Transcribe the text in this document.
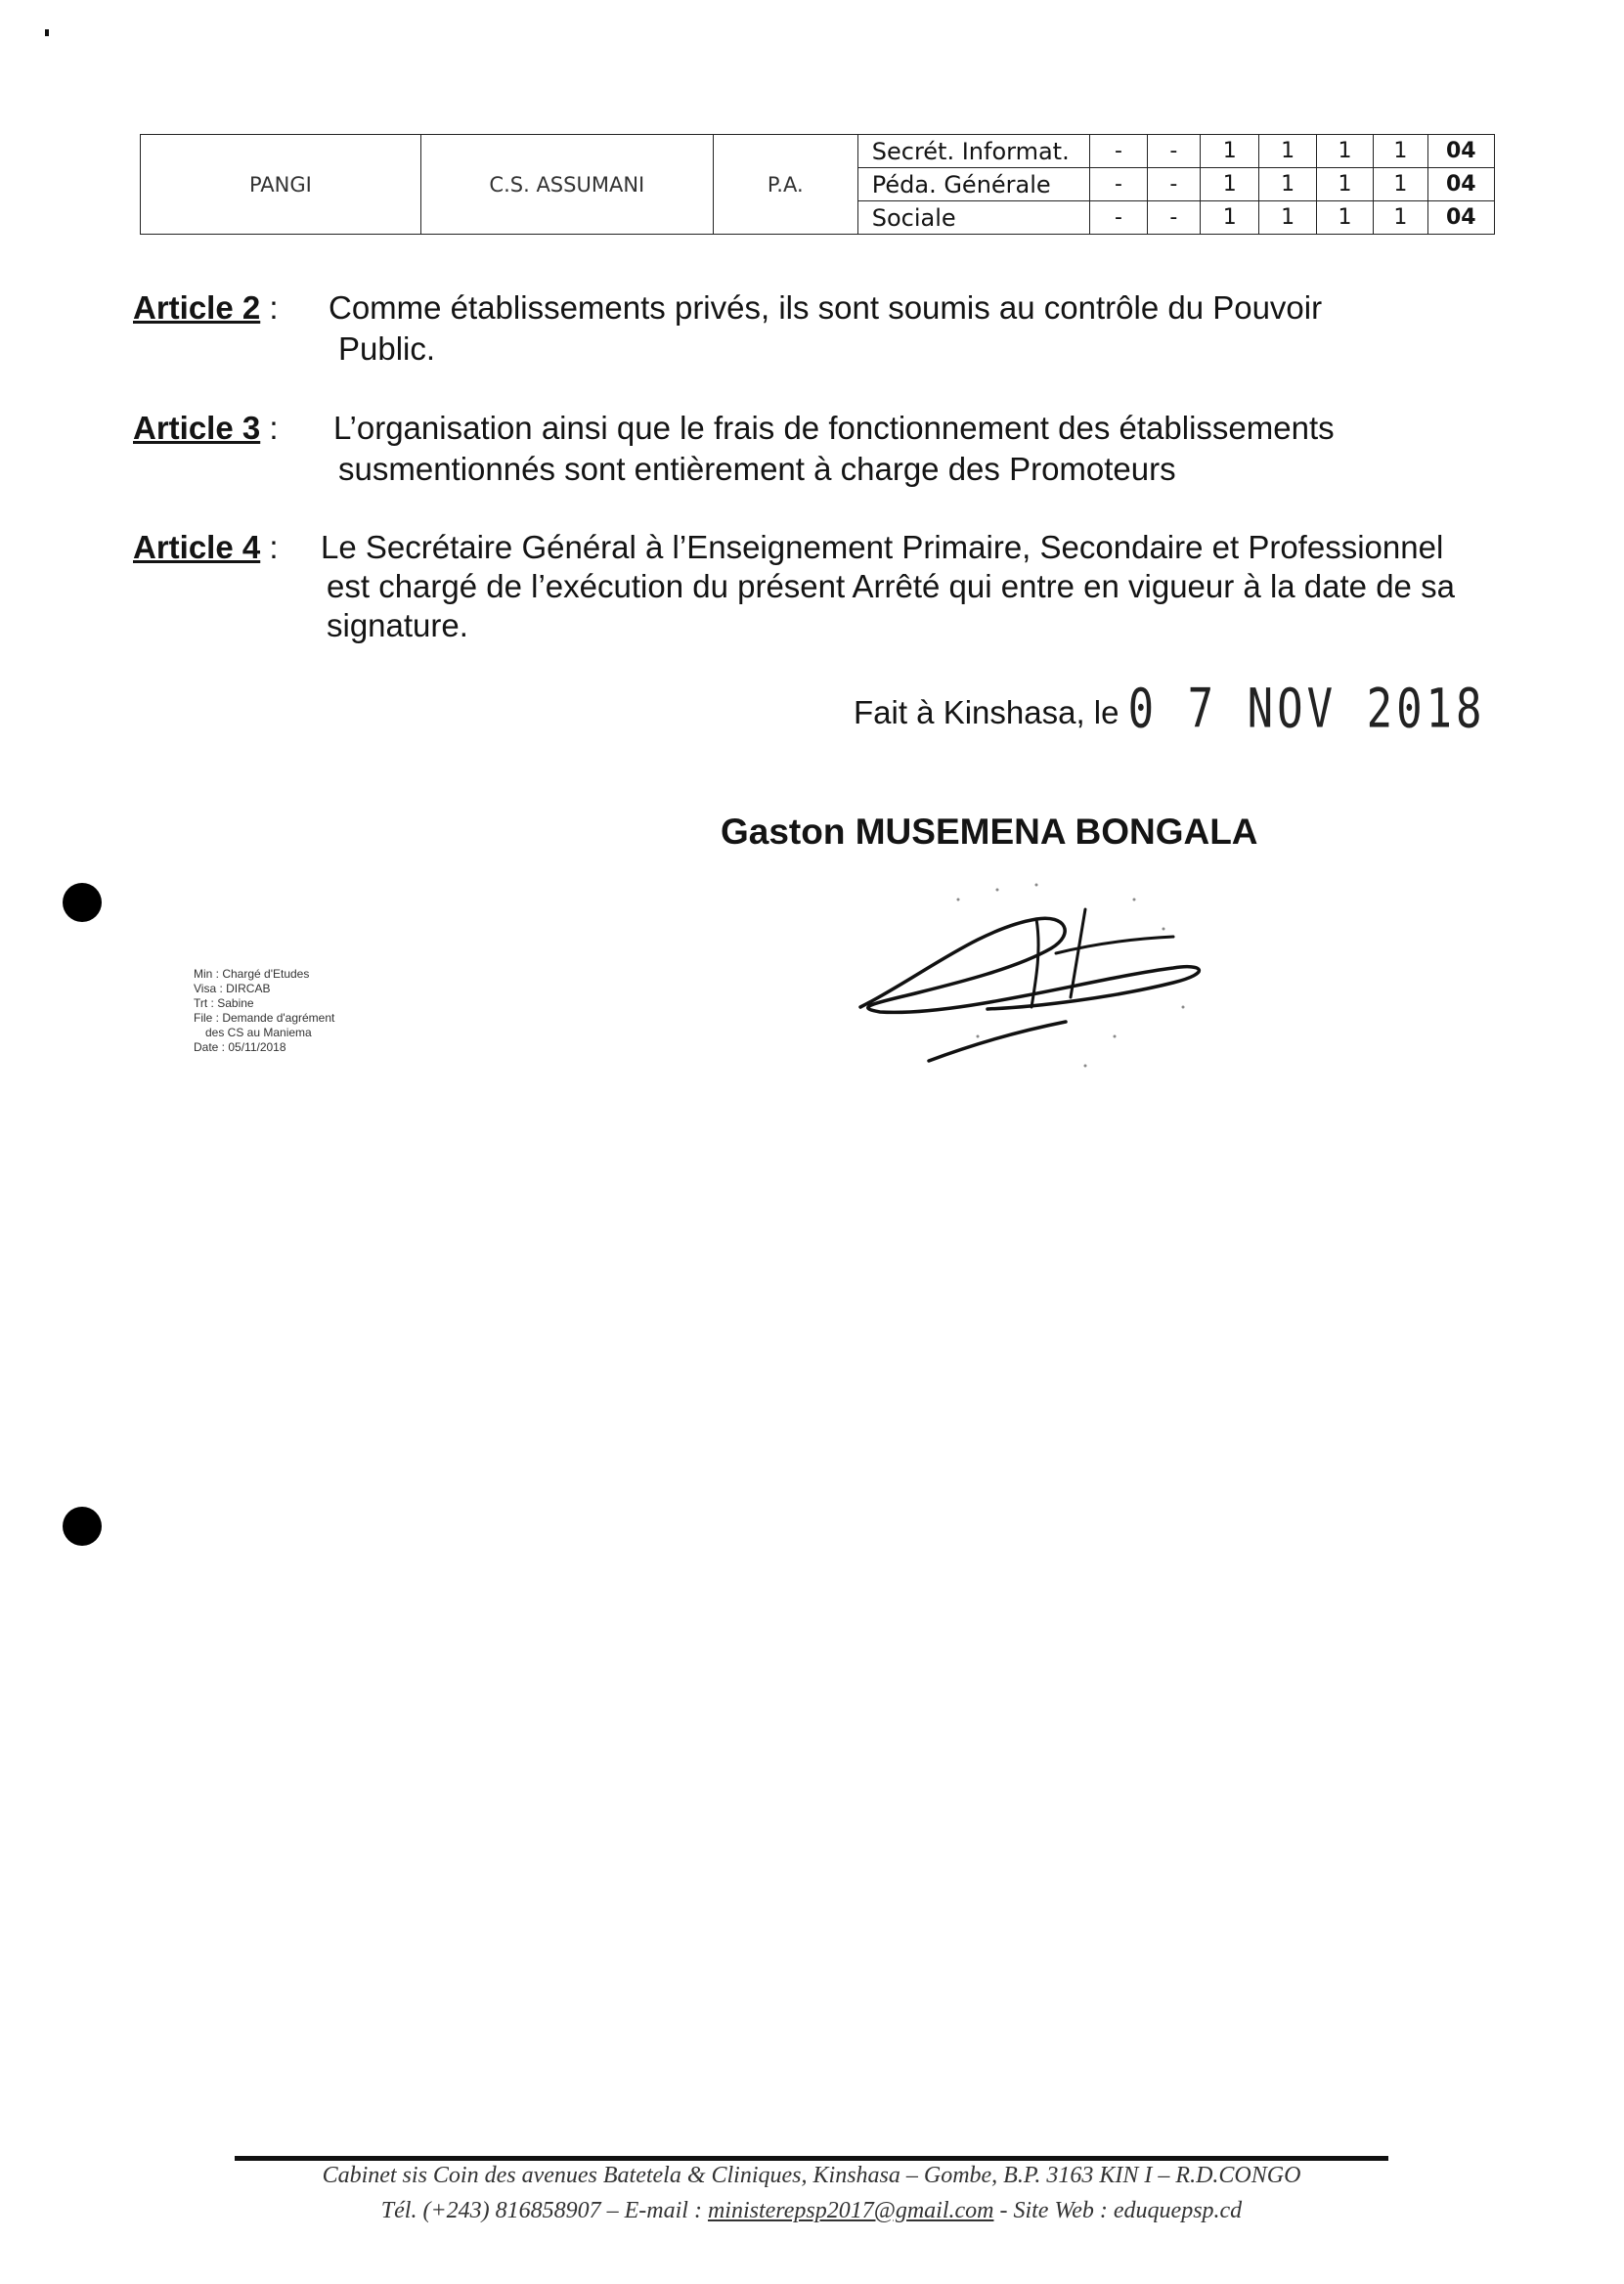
PANGI	C.S. ASSUMANI	P.A.	Secrét. Informat.	-	-	1	1	1	1	04
			Péda. Générale	-	-	1	1	1	1	04
			Sociale	-	-	1	1	1	1	04
Article 2 : Comme établissements privés, ils sont soumis au contrôle du Pouvoir
Public.
Article 3 : L’organisation ainsi que le frais de fonctionnement des établissements
susmentionnés sont entièrement à charge des Promoteurs
Article 4 : Le Secrétaire Général à l’Enseignement Primaire, Secondaire et Professionnel
est chargé de l’exécution du présent Arrêté qui entre en vigueur à la date de sa
signature.
Fait à Kinshasa, le 0 7 NOV 2018
Gaston MUSEMENA BONGALA
Min : Chargé d'Etudes
Visa : DIRCAB
Trt : Sabine
File : Demande d'agrément
des CS au Maniema
Date : 05/11/2018
Cabinet sis Coin des avenues Batetela & Cliniques, Kinshasa – Gombe, B.P. 3163 KIN I – R.D.CONGO
Tél. (+243) 816858907 – E-mail : ministerepsp2017@gmail.com - Site Web : eduquepsp.cd
